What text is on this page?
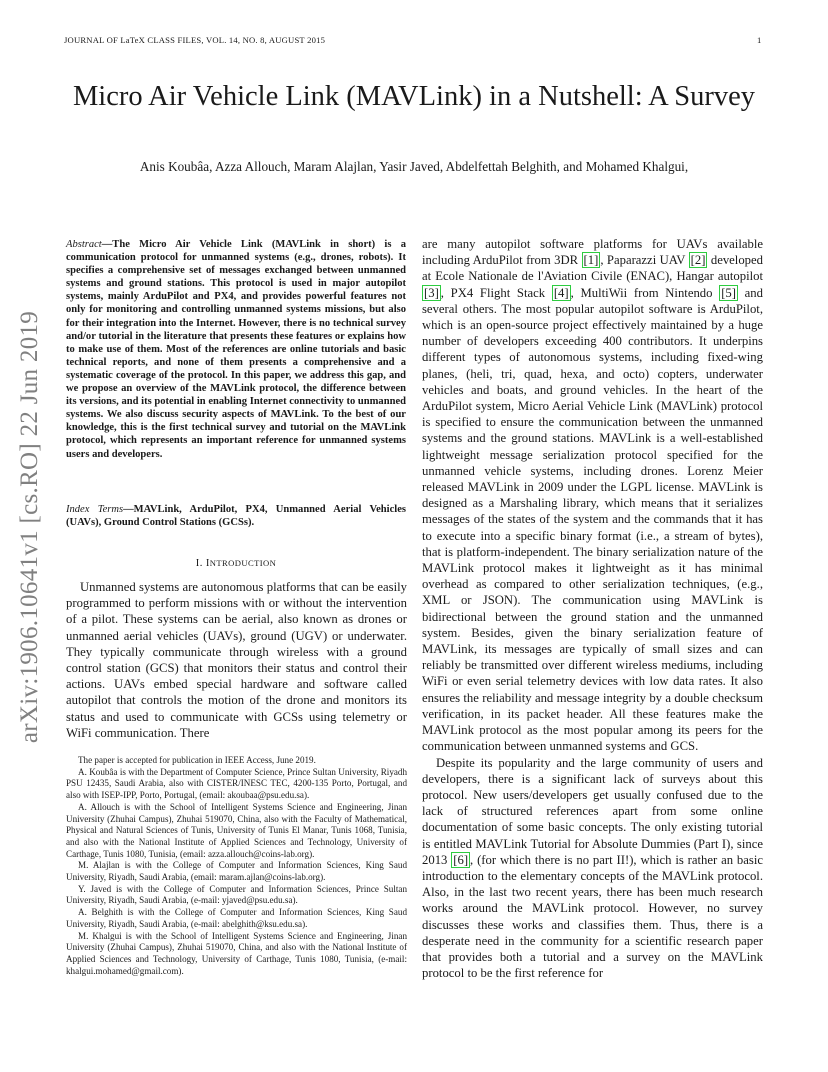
JOURNAL OF LaTeX CLASS FILES, VOL. 14, NO. 8, AUGUST 2015	1
arXiv:1906.10641v1 [cs.RO] 22 Jun 2019
Micro Air Vehicle Link (MAVLink) in a Nutshell: A Survey
Anis Koubâa, Azza Allouch, Maram Alajlan, Yasir Javed, Abdelfettah Belghith, and Mohamed Khalgui,
Abstract—The Micro Air Vehicle Link (MAVLink in short) is a communication protocol for unmanned systems (e.g., drones, robots). It specifies a comprehensive set of messages exchanged between unmanned systems and ground stations. This protocol is used in major autopilot systems, mainly ArduPilot and PX4, and provides powerful features not only for monitoring and controlling unmanned systems missions, but also for their integration into the Internet. However, there is no technical survey and/or tutorial in the literature that presents these features or explains how to make use of them. Most of the references are online tutorials and basic technical reports, and none of them presents a comprehensive and a systematic coverage of the protocol. In this paper, we address this gap, and we propose an overview of the MAVLink protocol, the difference between its versions, and its potential in enabling Internet connectivity to unmanned systems. We also discuss security aspects of MAVLink. To the best of our knowledge, this is the first technical survey and tutorial on the MAVLink protocol, which represents an important reference for unmanned systems users and developers.
Index Terms—MAVLink, ArduPilot, PX4, Unmanned Aerial Vehicles (UAVs), Ground Control Stations (GCSs).
I. INTRODUCTION

Unmanned systems are autonomous platforms that can be easily programmed to perform missions with or without the intervention of a pilot. These systems can be aerial, also known as drones or unmanned aerial vehicles (UAVs), ground (UGV) or underwater. They typically communicate through wireless with a ground control station (GCS) that monitors their status and control their actions. UAVs embed special hardware and software called autopilot that controls the motion of the drone and monitors its status and used to communicate with GCSs using telemetry or WiFi communication. There

The paper is accepted for publication in IEEE Access, June 2019.

A. Koubâa is with the Department of Computer Science, Prince Sultan University, Riyadh PSU 12435, Saudi Arabia, also with CISTER/INESC TEC, 4200-135 Porto, Portugal, and also with ISEP-IPP, Porto, Portugal, (email: akoubaa@psu.edu.sa).

A. Allouch is with the School of Intelligent Systems Science and Engineering, Jinan University (Zhuhai Campus), Zhuhai 519070, China, also with the Faculty of Mathematical, Physical and Natural Sciences of Tunis, University of Tunis El Manar, Tunis 1068, Tunisia, and also with the National Institute of Applied Sciences and Technology, University of Carthage, Tunis 1080, Tunisia, (email: azza.allouch@coins-lab.org).

M. Alajlan is with the College of Computer and Information Sciences, King Saud University, Riyadh, Saudi Arabia, (email: maram.ajlan@coins-lab.org).

Y. Javed is with the College of Computer and Information Sciences, Prince Sultan University, Riyadh, Saudi Arabia, (e-mail: yjaved@psu.edu.sa).

A. Belghith is with the College of Computer and Information Sciences, King Saud University, Riyadh, Saudi Arabia, (e-mail: abelghith@ksu.edu.sa).

M. Khalgui is with the School of Intelligent Systems Science and Engineering, Jinan University (Zhuhai Campus), Zhuhai 519070, China, and also with the National Institute of Applied Sciences and Technology, University of Carthage, Tunis 1080, Tunisia, (e-mail: khalgui.mohamed@gmail.com).

are many autopilot software platforms for UAVs available including ArduPilot from 3DR [1] , Paparazzi UAV [2] developed at Ecole Nationale de l'Aviation Civile (ENAC), Hangar autopilot [3] , PX4 Flight Stack [4] , MultiWii from Nintendo [5] and several others. The most popular autopilot software is ArduPilot, which is an open-source project effectively maintained by a huge number of developers exceeding 400 contributors. It underpins different types of autonomous systems, including fixed-wing planes, (heli, tri, quad, hexa, and octo) copters, underwater vehicles and boats, and ground vehicles. In the heart of the ArduPilot system, Micro Aerial Vehicle Link (MAVLink) protocol is specified to ensure the communication between the unmanned systems and the ground stations. MAVLink is a well-established lightweight message serialization protocol specified for the unmanned vehicle systems, including drones. Lorenz Meier released MAVLink in 2009 under the LGPL license. MAVLink is designed as a Marshaling library, which means that it serializes messages of the states of the system and the commands that it has to execute into a specific binary format (i.e., a stream of bytes), that is platform-independent. The binary serialization nature of the MAVLink protocol makes it lightweight as it has minimal overhead as compared to other serialization techniques, (e.g., XML or JSON). The communication using MAVLink is bidirectional between the ground station and the unmanned system. Besides, given the binary serialization feature of MAVLink, its messages are typically of small sizes and can reliably be transmitted over different wireless mediums, including WiFi or even serial telemetry devices with low data rates. It also ensures the reliability and message integrity by a double checksum verification, in its packet header. All these features make the MAVLink protocol as the most popular among its peers for the communication between unmanned systems and GCS.

Despite its popularity and the large community of users and developers, there is a significant lack of surveys about this protocol. New users/developers get usually confused due to the lack of structured references apart from some online documentation of some basic concepts. The only existing tutorial is entitled MAVLink Tutorial for Absolute Dummies (Part I), since 2013 [6] , (for which there is no part II!), which is rather an basic introduction to the elementary concepts of the MAVLink protocol. Also, in the last two recent years, there has been much research works around the MAVLink protocol. However, no survey discusses these works and classifies them. Thus, there is a desperate need in the community for a scientific research paper that provides both a tutorial and a survey on the MAVLink protocol to be the first reference for
